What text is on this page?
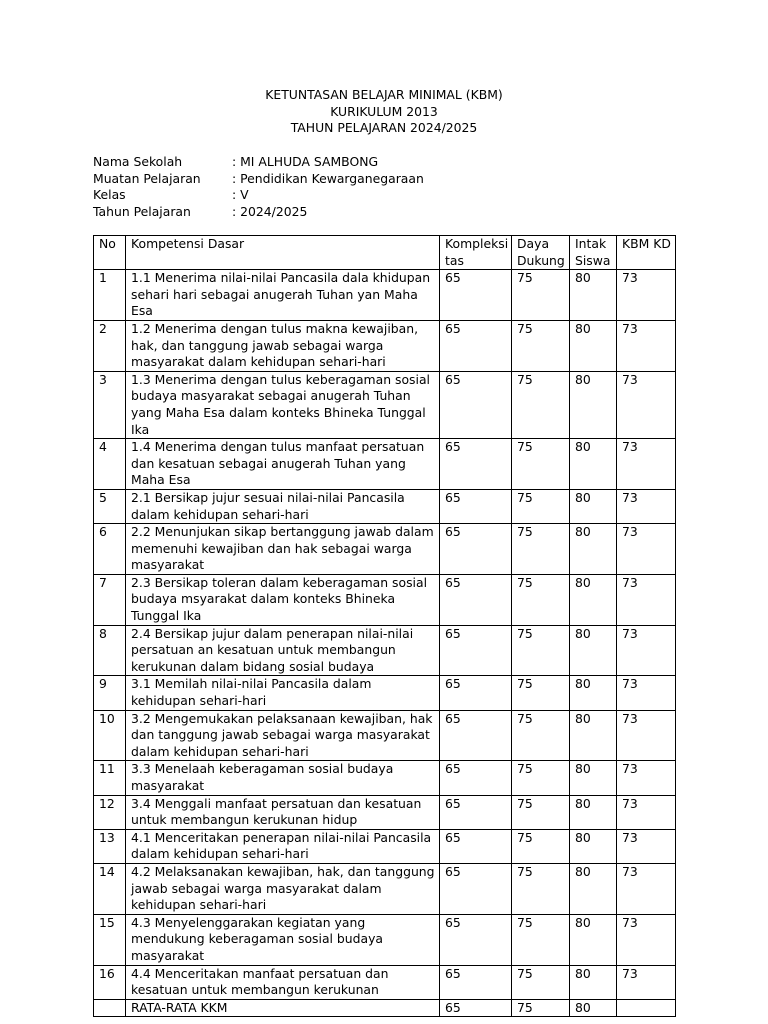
KETUNTASAN BELAJAR MINIMAL (KBM)
KURIKULUM 2013
TAHUN PELAJARAN 2024/2025
Nama Sekolah	: MI ALHUDA SAMBONG
Muatan Pelajaran	: Pendidikan Kewarganegaraan
Kelas	: V
Tahun Pelajaran	: 2024/2025
No	Kompetensi Dasar	Kompleksi tas	Daya Dukung	Intak Siswa	KBM KD
1	1.1 Menerima nilai-nilai Pancasila dala khidupan sehari hari sebagai anugerah Tuhan yan Maha Esa	65	75	80	73
2	1.2 Menerima dengan tulus makna kewajiban, hak, dan tanggung jawab sebagai warga masyarakat dalam kehidupan sehari-hari	65	75	80	73
3	1.3 Menerima dengan tulus keberagaman sosial budaya masyarakat sebagai anugerah Tuhan yang Maha Esa dalam konteks Bhineka Tunggal Ika	65	75	80	73
4	1.4 Menerima dengan tulus manfaat persatuan dan kesatuan sebagai anugerah Tuhan yang Maha Esa	65	75	80	73
5	2.1 Bersikap jujur sesuai nilai-nilai Pancasila dalam kehidupan sehari-hari	65	75	80	73
6	2.2 Menunjukan sikap bertanggung jawab dalam memenuhi kewajiban dan hak sebagai warga masyarakat	65	75	80	73
7	2.3 Bersikap toleran dalam keberagaman sosial budaya msyarakat dalam konteks Bhineka Tunggal Ika	65	75	80	73
8	2.4 Bersikap jujur dalam penerapan nilai-nilai persatuan an kesatuan untuk membangun kerukunan dalam bidang sosial budaya	65	75	80	73
9	3.1 Memilah nilai-nilai Pancasila dalam kehidupan sehari-hari	65	75	80	73
10	3.2 Mengemukakan pelaksanaan kewajiban, hak dan tanggung jawab sebagai warga masyarakat dalam kehidupan sehari-hari	65	75	80	73
11	3.3 Menelaah keberagaman sosial budaya masyarakat	65	75	80	73
12	3.4 Menggali manfaat persatuan dan kesatuan untuk membangun kerukunan hidup	65	75	80	73
13	4.1 Menceritakan penerapan nilai-nilai Pancasila dalam kehidupan sehari-hari	65	75	80	73
14	4.2 Melaksanakan kewajiban, hak, dan tanggung jawab sebagai warga masyarakat dalam kehidupan sehari-hari	65	75	80	73
15	4.3 Menyelenggarakan kegiatan yang mendukung keberagaman sosial budaya masyarakat	65	75	80	73
16	4.4 Menceritakan manfaat persatuan dan kesatuan untuk membangun kerukunan	65	75	80	73
	RATA-RATA KKM	65	75	80	
